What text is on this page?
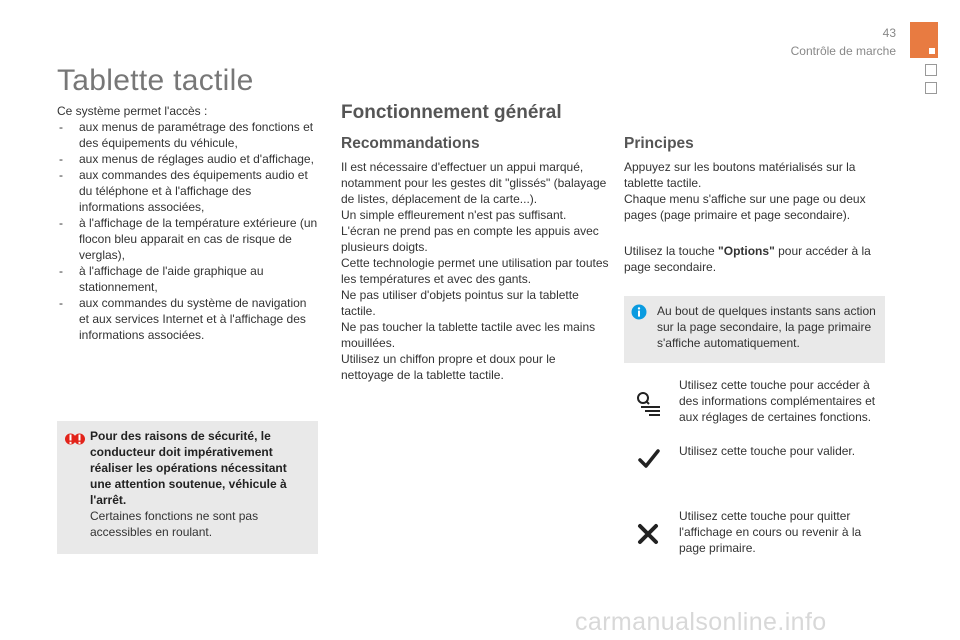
43
Contrôle de marche
Tablette tactile
Ce système permet l'accès :
- aux menus de paramétrage des fonctions et des équipements du véhicule,
- aux menus de réglages audio et d'affichage,
- aux commandes des équipements audio et du téléphone et à l'affichage des informations associées,
- à l'affichage de la température extérieure (un flocon bleu apparait en cas de risque de verglas),
- à l'affichage de l'aide graphique au stationnement,
- aux commandes du système de navigation et aux services Internet et à l'affichage des informations associées.
Pour des raisons de sécurité, le conducteur doit impérativement réaliser les opérations nécessitant une attention soutenue, véhicule à l'arrêt.
Certaines fonctions ne sont pas accessibles en roulant.
Fonctionnement général
Recommandations
Il est nécessaire d'effectuer un appui marqué, notamment pour les gestes dit "glissés" (balayage de listes, déplacement de la carte...).
Un simple effleurement n'est pas suffisant.
L'écran ne prend pas en compte les appuis avec plusieurs doigts.
Cette technologie permet une utilisation par toutes les températures et avec des gants.
Ne pas utiliser d'objets pointus sur la tablette tactile.
Ne pas toucher la tablette tactile avec les mains mouillées.
Utilisez un chiffon propre et doux pour le nettoyage de la tablette tactile.
Principes
Appuyez sur les boutons matérialisés sur la tablette tactile.
Chaque menu s'affiche sur une page ou deux pages (page primaire et page secondaire).
Utilisez la touche "Options" pour accéder à la page secondaire.
Au bout de quelques instants sans action sur la page secondaire, la page primaire s'affiche automatiquement.
Utilisez cette touche pour accéder à des informations complémentaires et aux réglages de certaines fonctions.
Utilisez cette touche pour valider.
Utilisez cette touche pour quitter l'affichage en cours ou revenir à la page primaire.
carmanualsonline.info
